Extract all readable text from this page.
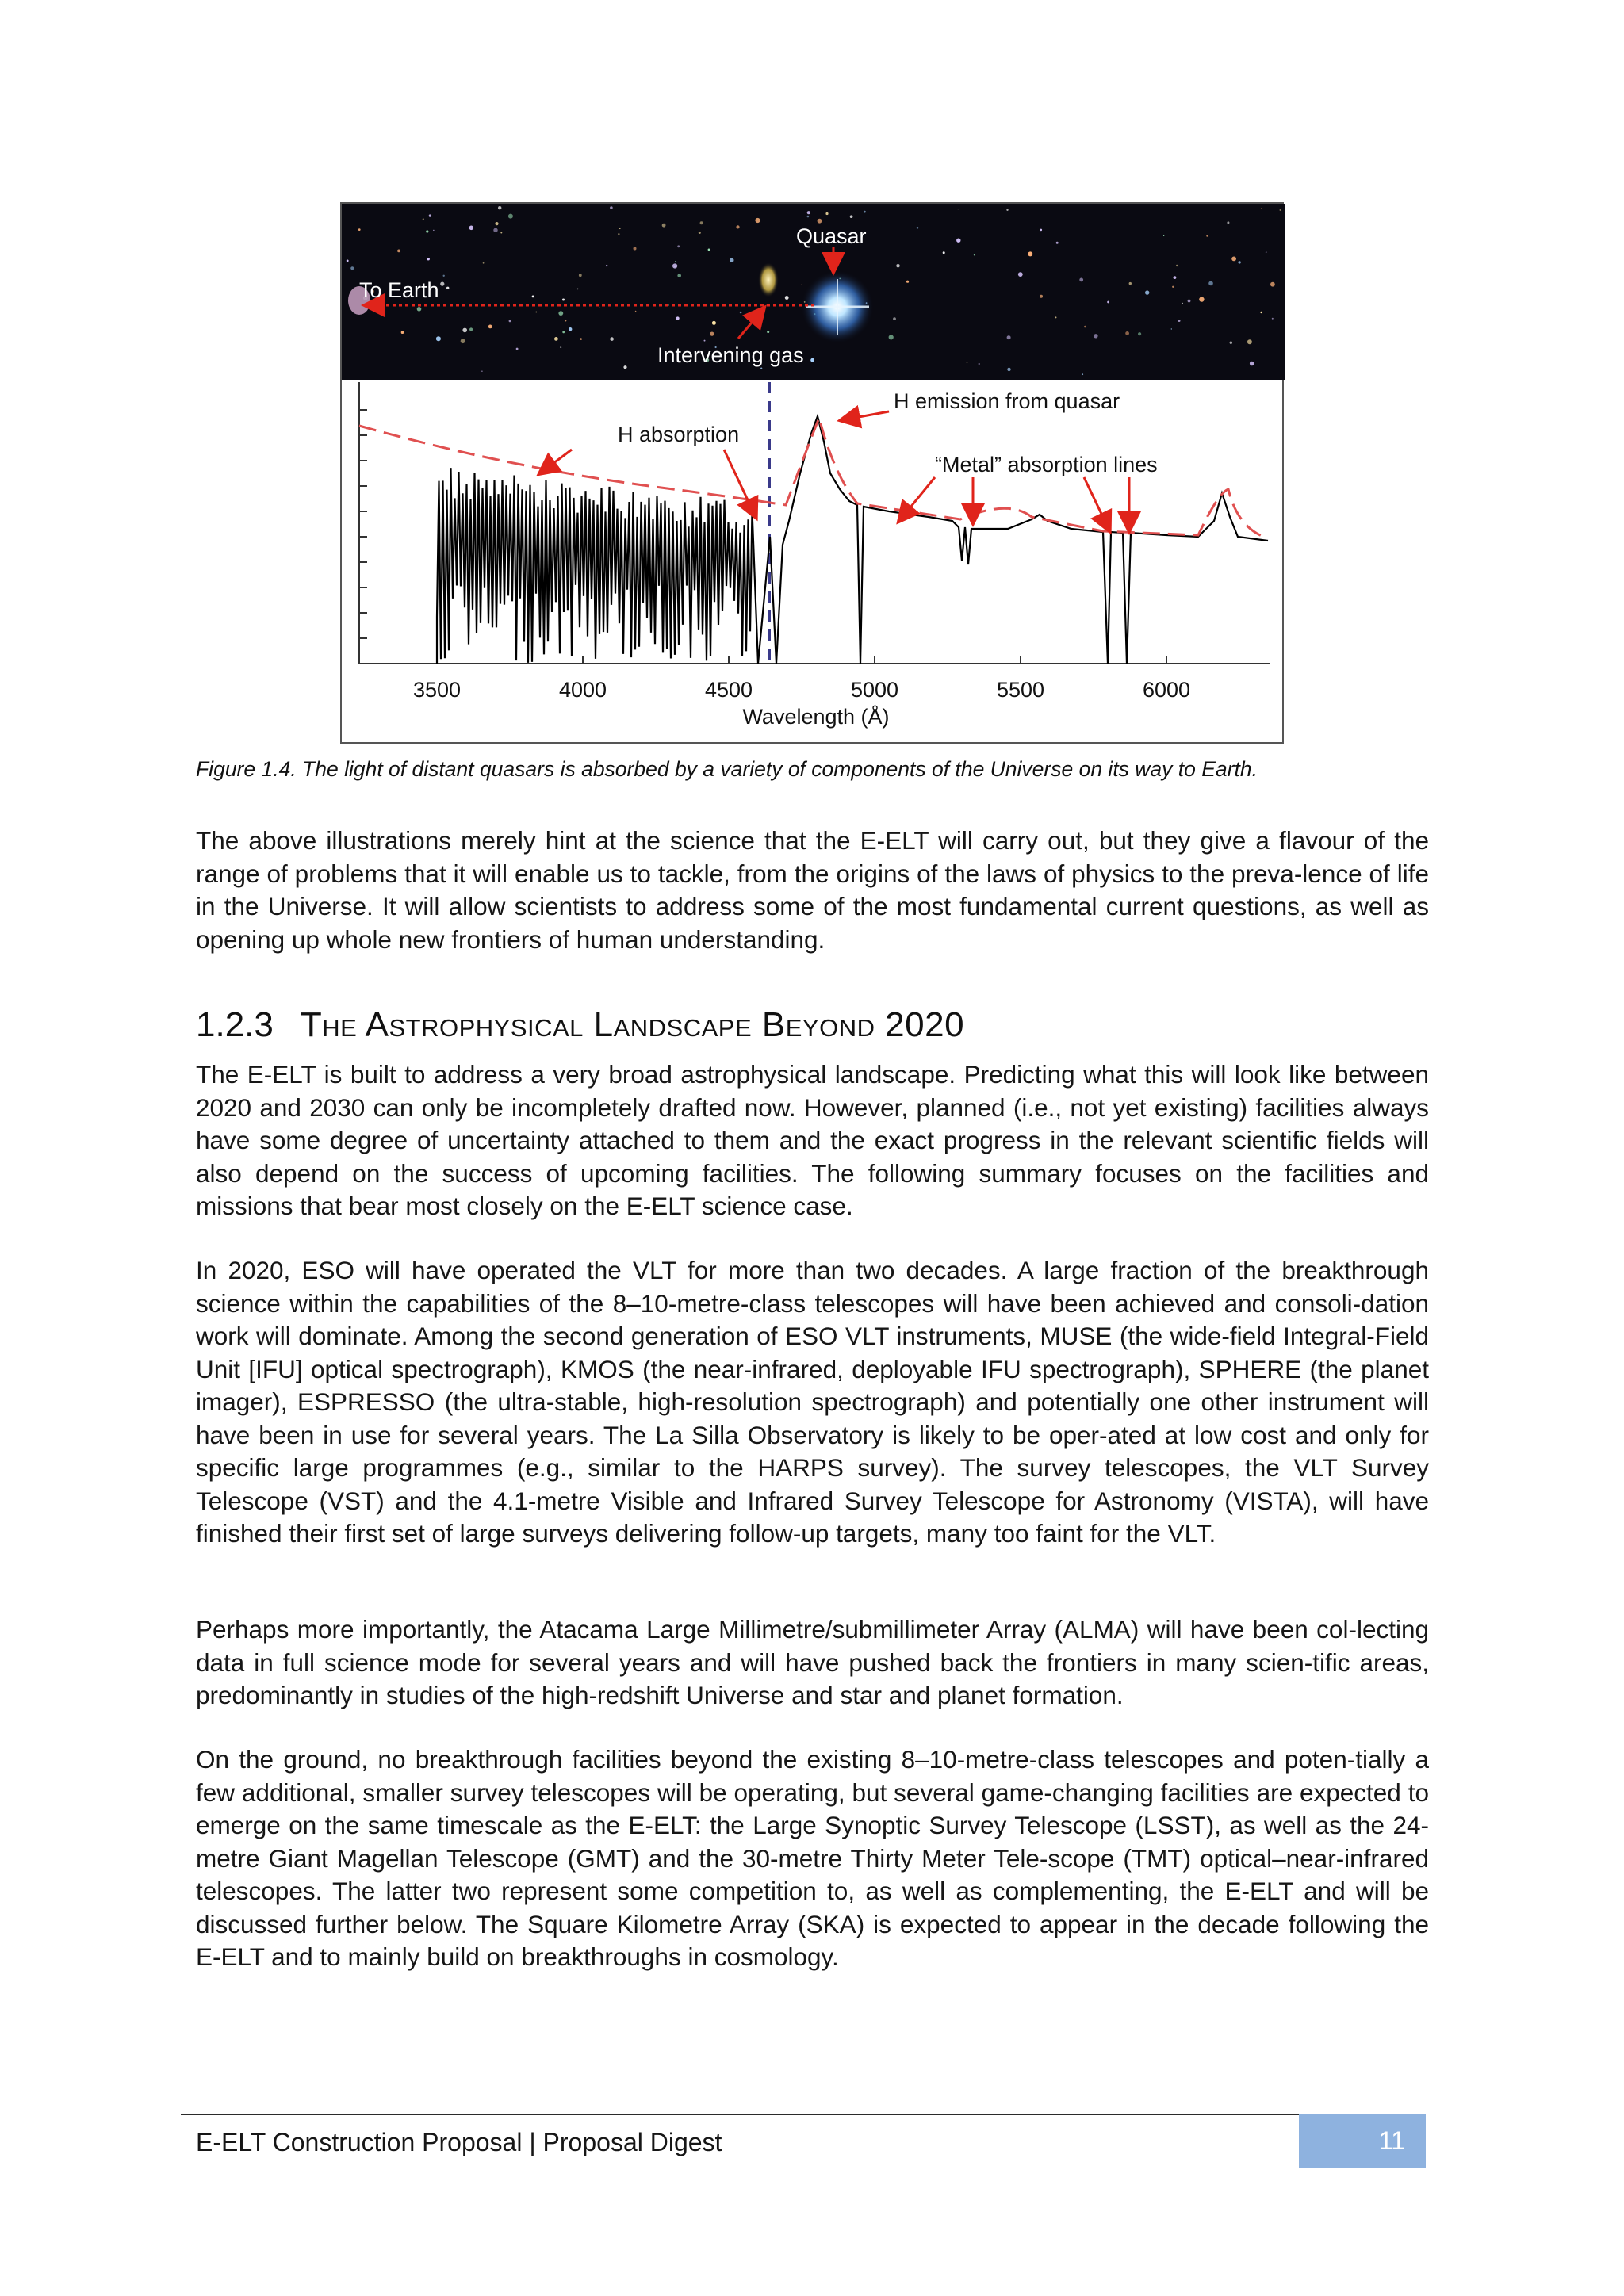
Quasar
To Earth
Intervening gas
H emission from quasar
H absorption
“Metal” absorption lines
3500	4000	4500	5000	5500	6000
Wavelength (Å)
Figure 1.4. The light of distant quasars is absorbed by a variety of components of the Universe on its way to Earth.

The above illustrations merely hint at the science that the E-ELT will carry out, but they give a flavour of the range of problems that it will enable us to tackle, from the origins of the laws of physics to the preva-lence of life in the Universe. It will allow scientists to address some of the most fundamental current questions, as well as opening up whole new frontiers of human understanding.

1.2.3 The Astrophysical Landscape Beyond 2020

The E-ELT is built to address a very broad astrophysical landscape. Predicting what this will look like between 2020 and 2030 can only be incompletely drafted now. However, planned (i.e., not yet existing) facilities always have some degree of uncertainty attached to them and the exact progress in the relevant scientific fields will also depend on the success of upcoming facilities. The following summary focuses on the facilities and missions that bear most closely on the E-ELT science case.

In 2020, ESO will have operated the VLT for more than two decades. A large fraction of the breakthrough science within the capabilities of the 8–10-metre-class telescopes will have been achieved and consoli-dation work will dominate. Among the second generation of ESO VLT instruments, MUSE (the wide-field Integral-Field Unit [IFU] optical spectrograph), KMOS (the near-infrared, deployable IFU spectrograph), SPHERE (the planet imager), ESPRESSO (the ultra-stable, high-resolution spectrograph) and potentially one other instrument will have been in use for several years. The La Silla Observatory is likely to be oper-ated at low cost and only for specific large programmes (e.g., similar to the HARPS survey). The survey telescopes, the VLT Survey Telescope (VST) and the 4.1-metre Visible and Infrared Survey Telescope for Astronomy (VISTA), will have finished their first set of large surveys delivering follow-up targets, many too faint for the VLT.

Perhaps more importantly, the Atacama Large Millimetre/submillimeter Array (ALMA) will have been col-lecting data in full science mode for several years and will have pushed back the frontiers in many scien-tific areas, predominantly in studies of the high-redshift Universe and star and planet formation.

On the ground, no breakthrough facilities beyond the existing 8–10-metre-class telescopes and poten-tially a few additional, smaller survey telescopes will be operating, but several game-changing facilities are expected to emerge on the same timescale as the E-ELT: the Large Synoptic Survey Telescope (LSST), as well as the 24-metre Giant Magellan Telescope (GMT) and the 30-metre Thirty Meter Tele-scope (TMT) optical–near-infrared telescopes. The latter two represent some competition to, as well as complementing, the E-ELT and will be discussed further below. The Square Kilometre Array (SKA) is expected to appear in the decade following the E-ELT and to mainly build on breakthroughs in cosmology.

E-ELT Construction Proposal | Proposal Digest	11
